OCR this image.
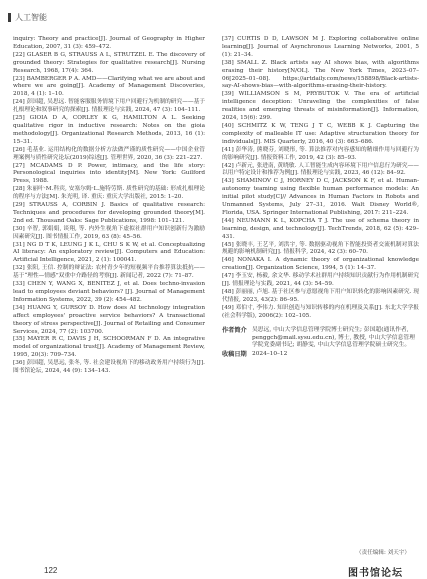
人工智能

inquiry: Theory and practice[J]. Journal of Geography in Higher Education, 2007, 31 (3): 459–472.

[22] GLASER B G, STRAUSS A L, STRUTZEL E. The discovery of grounded theory: Strategies for qualitative research[J]. Nursing Research, 1968, 17(4): 364.

[23] BAMBERGER P A. AMD——Clarifying what we are about and where we are going[J]. Academy of Management Discoveries, 2018, 4 (1): 1–10.

[24] 彭国超, 吴思远. 智能客服服务情境下用户回避行为机制的研究——基于扎根理论和叙事研究的探索[J]. 情报理论与实践, 2024, 47 (3): 104–111.

[25] GIOIA D A, CORLEY K G, HAMILTON A L. Seeking qualitative rigor in inductive research: Notes on the gioia methodology[J]. Organizational Research Methods, 2013, 16 (1): 15–31.

[26] 毛基业. 运用结构化的数据分析方法做严谨的质性研究——中国企业管理案例与质性研究论坛(2019)综述[J]. 管理世界, 2020, 36 (3): 221–227.

[27] MCADAMS D P. Power, intimacy, and the life story: Personological inquiries into identity[M]. New York: Guilford Press, 1988.

[28] 朱丽叶·M.科宾, 安塞尔姆·L.施特劳斯. 质性研究的基础: 形成扎根理论的程序与方法[M]. 朱光明, 译. 重庆: 重庆大学出版社, 2015: 1–20.

[29] STRAUSS A, CORBIN J. Basics of qualitative research: Techniques and procedures for developing grounded theory[M]. 2nd ed. Thousand Oaks: Sage Publications, 1998: 101–121.

[30] 辛智, 郭娟娟, 谈翔, 等. 内外生视角下虚拟社群用户知识创新行为激励因素研究[J]. 图书情报工作, 2019, 63 (8): 45–56.

[31] NG D T K, LEUNG J K L, CHU S K W, et al. Conceptualizing AI literacy: An exploratory review[J]. Computers and Education: Artificial Intelligence, 2021, 2 (1): 100041.

[32] 张阳, 王信. 控制的辩证法: 农村青少年的短视频平台推荐算法抵抗——基于“理性—情感”双重中介路径的考察[J]. 新闻记者, 2022 (7): 71–87.

[33] CHEN Y, WANG X, BENITEZ J, et al. Does techno-invasion lead to employees deviant behaviors? [J]. Journal of Management Information Systems, 2022, 39 (2): 454–482.

[34] HUANG Y, GURSOY D. How does AI technology integration affect employees' proactive service behaviors? A transactional theory of stress perspective[J]. Journal of Retailing and Consumer Services, 2024, 77 (2): 103700.

[35] MAYER R C, DAVIS J H, SCHOORMAN F D. An integrative model of organizational trust[J]. Academy of Management Review, 1995, 20(3): 709–734.

[36] 彭国超, 吴思远, 张冬, 等. 社会建设视角下的移动政务用户持续行为[J]. 图书馆论坛, 2024, 44 (9): 134–143.

[37] CURTIS D D, LAWSON M J. Exploring collaborative online learning[J]. Journal of Asynchronous Learning Networks, 2001, 5 (1): 21–34.

[38] SMALL Z. Black artists say AI shows bias, with algorithms erasing their history[N/OL]. The New York Times, 2023–07–06[2025–01–08]. https://artdaily.com/news/158898/Black-artists-say-AI-shows-bias—with-algorithms-erasing-their-history.

[39] WILLIAMSON S M, PRYBUTOK V. The era of artificial intelligence deception: Unraveling the complexities of false realities and emerging threats of misinformation[J]. Information, 2024, 15(6): 299.

[40] SCHMITZ K W, TENG J T C, WEBB K J. Capturing the complexity of malleable IT use: Adaptive structuration theory for individuals[J]. MIS Quarterly, 2016, 40 (3): 663–686.

[41] 彭华涛, 熊晓芬, 刘晓彤, 等. 算法推荐对内容感知的精细作用与回避行为的影响研究[J]. 情报资料工作, 2019, 42 (3): 85–93.

[42] 卢新元, 张进南, 黄晓敏. 人工智能生成内容环境下用户信息行为研究——以用户特定设计和推荐为例[J]. 情报理论与实践, 2023, 46 (12): 84–92.

[43] SHAMINOV C J, HORNEY D C, JACKSON K F, et al. Human-autonomy teaming using flexible human performance models: An initial pilot study[C]// Advances in Human Factors in Robots and Unmanned Systems, July 27–31, 2016. Walt Disney World®, Florida, USA. Springer International Publishing, 2017: 211–224.

[44] NEUMANN K L, KOPCHA T J. The use of schema theory in learning, design, and technology[J]. TechTrends, 2018, 62 (5): 429–431.

[45] 张晓丰, 王艺平, 刘洪宇, 等. 数据驱动视角下智能投资者交流机制对算法规避的影响机制研究[J]. 情报科学, 2024, 42 (3): 60–70.

[46] NONAKA I. A dynamic theory of organizational knowledge creation[J]. Organization Science, 1994, 5 (1): 14–37.

[47] 李玉安, 杨毅, 余文华. 移动学术社群用户持续知识贡献行为作用机制研究[J]. 情报理论与实践, 2021, 44 (3): 54–59.

[48] 彭丽丽, 卢旭. 基于社区参与意愿视角下用户知识转化的影响因素研究. 现代情报, 2023, 43(2): 86–95.

[49] 邓伯寸, 李伟力. 知识创造与知识转移的内在机理及关系[J]. 东北大学学报(社会科学版), 2006(2): 102–105.

作者简介 吴思远, 中山大学信息管理学院博士研究生; 彭国超(通讯作者, penggch@mail.sysu.edu.cn), 博士, 教授, 中山大学信息管理学院党委副书记; 胡静雯, 中山大学信息管理学院硕士研究生。
收稿日期 2024–10–12
（责任编辑: 刘天宇）
122	图书馆论坛
